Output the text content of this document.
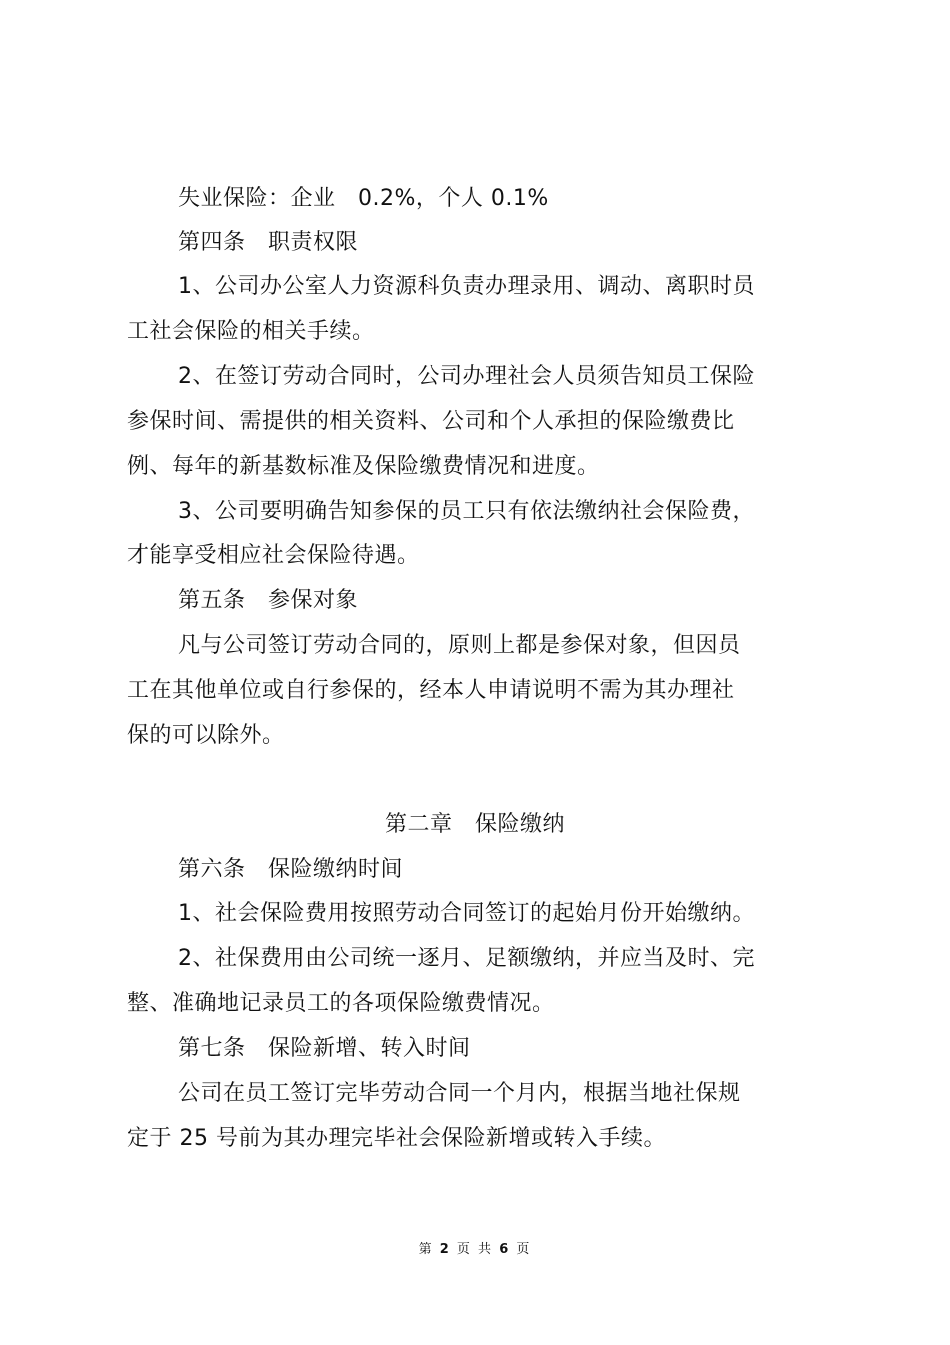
失业保险：企业　0.2%，个人 0.1%
第四条　职责权限
1、公司办公室人力资源科负责办理录用、调动、离职时员
工社会保险的相关手续。
2、在签订劳动合同时，公司办理社会人员须告知员工保险
参保时间、需提供的相关资料、公司和个人承担的保险缴费比
例、每年的新基数标准及保险缴费情况和进度。
3、公司要明确告知参保的员工只有依法缴纳社会保险费，
才能享受相应社会保险待遇。
第五条　参保对象
凡与公司签订劳动合同的，原则上都是参保对象，但因员
工在其他单位或自行参保的，经本人申请说明不需为其办理社
保的可以除外。
第二章　保险缴纳
第六条　保险缴纳时间
1、社会保险费用按照劳动合同签订的起始月份开始缴纳。
2、社保费用由公司统一逐月、足额缴纳，并应当及时、完
整、准确地记录员工的各项保险缴费情况。
第七条　保险新增、转入时间
公司在员工签订完毕劳动合同一个月内，根据当地社保规
定于 25 号前为其办理完毕社会保险新增或转入手续。
第 2 页 共 6 页
